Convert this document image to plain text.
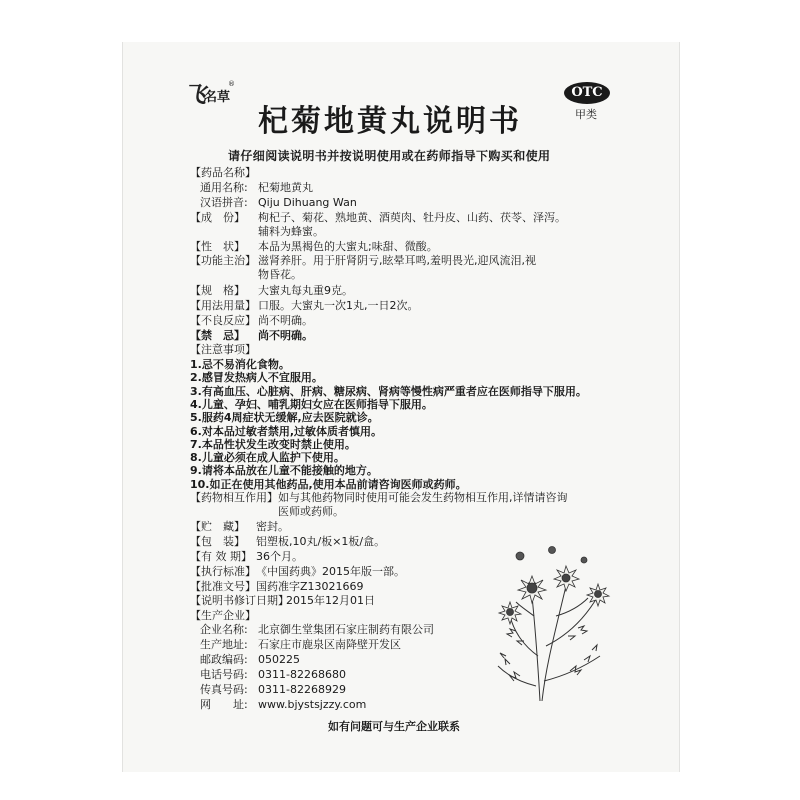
飞
名草
®
OTC
甲类
杞菊地黄丸说明书
请仔细阅读说明书并按说明使用或在药师指导下购买和使用
【药品名称】
通用名称: 杞菊地黄丸
汉语拼音: Qiju Dihuang Wan
【成　份】 枸杞子、菊花、熟地黄、酒萸肉、牡丹皮、山药、茯苓、泽泻。
辅料为蜂蜜。
【性　状】 本品为黑褐色的大蜜丸;味甜、微酸。
【功能主治】 滋肾养肝。用于肝肾阴亏,眩晕耳鸣,羞明畏光,迎风流泪,视
物昏花。
【规　格】 大蜜丸每丸重9克。
【用法用量】 口服。大蜜丸一次1丸,一日2次。
【不良反应】 尚不明确。
【禁　忌】 尚不明确。
【注意事项】
1.忌不易消化食物。
2.感冒发热病人不宜服用。
3.有高血压、心脏病、肝病、糖尿病、肾病等慢性病严重者应在医师指导下服用。
4.儿童、孕妇、哺乳期妇女应在医师指导下服用。
5.服药4周症状无缓解,应去医院就诊。
6.对本品过敏者禁用,过敏体质者慎用。
7.本品性状发生改变时禁止使用。
8.儿童必须在成人监护下使用。
9.请将本品放在儿童不能接触的地方。
10.如正在使用其他药品,使用本品前请咨询医师或药师。
【药物相互作用】如与其他药物同时使用可能会发生药物相互作用,详情请咨询
医师或药师。
【贮　藏】 密封。
【包　装】 铝塑板,10丸/板×1板/盒。
【有 效 期】 36个月。
【执行标准】《中国药典》2015年版一部。
【批准文号】国药准字Z13021669
【说明书修订日期】2015年12月01日
【生产企业】
企业名称: 北京御生堂集团石家庄制药有限公司
生产地址: 石家庄市鹿泉区南降壁开发区
邮政编码: 050225
电话号码: 0311-82268680
传真号码: 0311-82268929
网　　址: www.bjystsjzzy.com
如有问题可与生产企业联系
